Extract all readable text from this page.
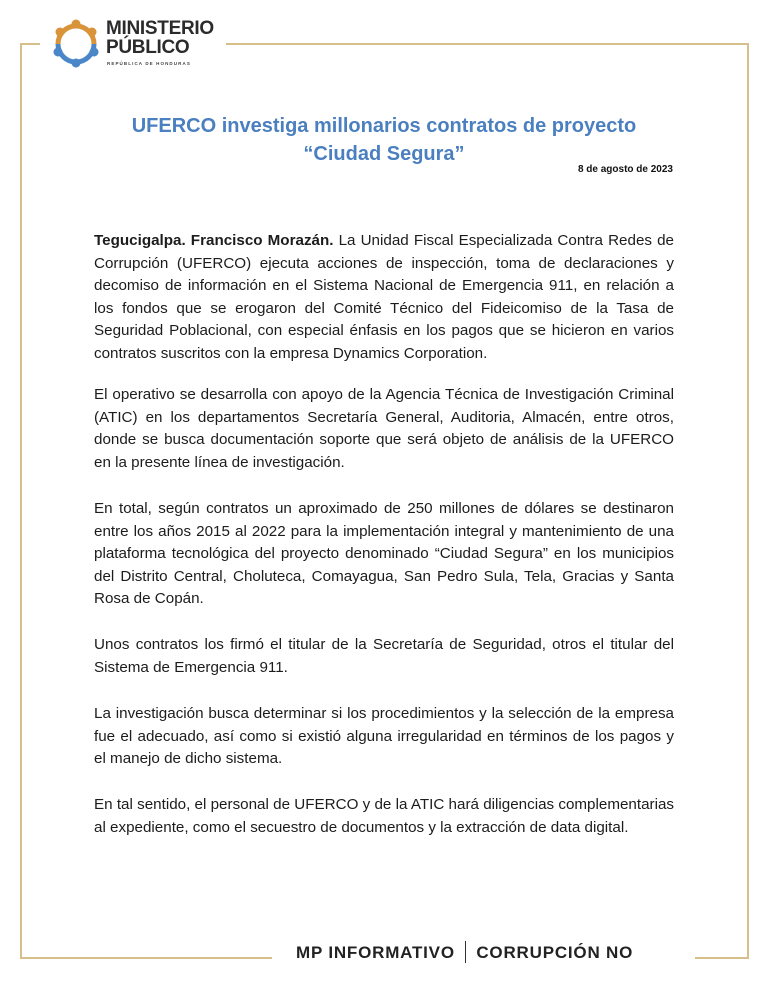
MINISTERIO
PÚBLICO
REPÚBLICA DE HONDURAS
UFERCO investiga millonarios contratos de proyecto
“Ciudad Segura”
8 de agosto de 2023
Tegucigalpa. Francisco Morazán. La Unidad Fiscal Especializada Contra Redes de Corrupción (UFERCO) ejecuta acciones de inspección, toma de declaraciones y decomiso de información en el Sistema Nacional de Emergencia 911, en relación a los fondos que se erogaron del Comité Técnico del Fideicomiso de la Tasa de Seguridad Poblacional, con especial énfasis en los pagos que se hicieron en varios contratos suscritos con la empresa Dynamics Corporation.
El operativo se desarrolla con apoyo de la Agencia Técnica de Investigación Criminal (ATIC) en los departamentos Secretaría General, Auditoria, Almacén, entre otros, donde se busca documentación soporte que será objeto de análisis de la UFERCO en la presente línea de investigación.
En total, según contratos un aproximado de 250 millones de dólares se destinaron entre los años 2015 al 2022 para la implementación integral y mantenimiento de una plataforma tecnológica del proyecto denominado “Ciudad Segura” en los municipios del Distrito Central, Choluteca, Comayagua, San Pedro Sula, Tela, Gracias y Santa Rosa de Copán.
Unos contratos los firmó el titular de la Secretaría de Seguridad, otros el titular del Sistema de Emergencia 911.
La investigación busca determinar si los procedimientos y la selección de la empresa fue el adecuado, así como si existió alguna irregularidad en términos de los pagos y el manejo de dicho sistema.
En tal sentido, el personal de UFERCO y de la ATIC hará diligencias complementarias al expediente, como el secuestro de documentos y la extracción de data digital.
MP INFORMATIVO CORRUPCIÓN NO
